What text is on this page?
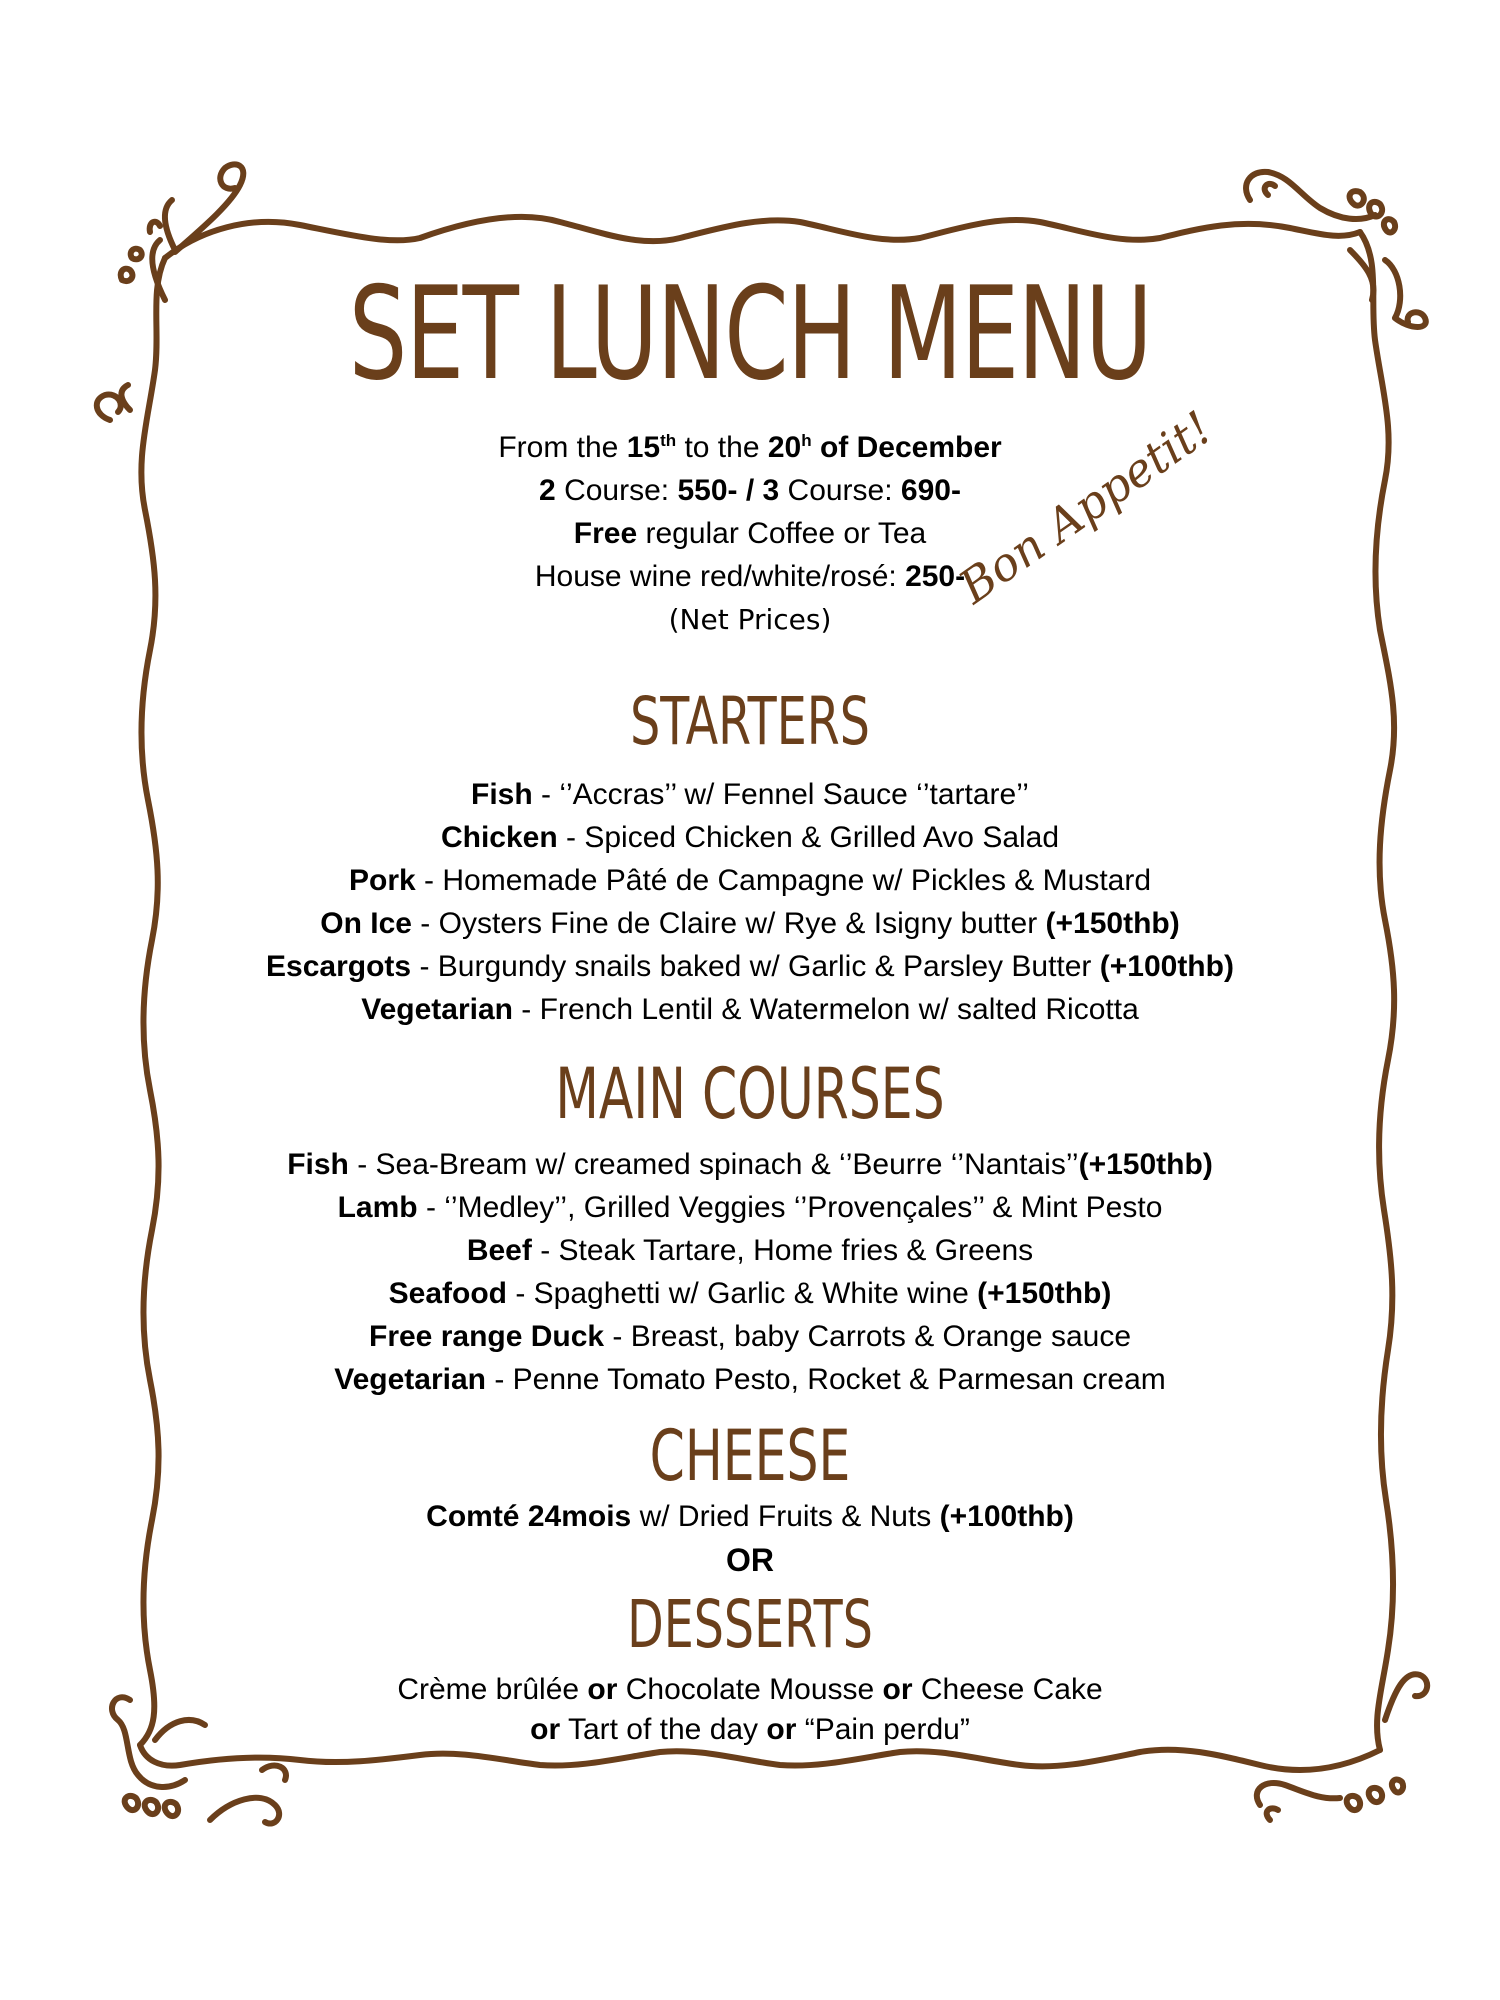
Bon Appetit!
SET LUNCH MENU

From the 15th to the 20$^h$ of December

2 Course: 550- / 3 Course: 690-

Free regular Coffee or Tea

House wine red/white/rosé: 250-

(Net Prices)

STARTERS

Fish - ‘’Accras’’ w/ Fennel Sauce ‘’tartare’’

Chicken - Spiced Chicken & Grilled Avo Salad

Pork - Homemade Pâté de Campagne w/ Pickles & Mustard

On Ice - Oysters Fine de Claire w/ Rye & Isigny butter (+150thb)

Escargots - Burgundy snails baked w/ Garlic & Parsley Butter (+100thb)

Vegetarian - French Lentil & Watermelon w/ salted Ricotta

MAIN COURSES

Fish - Sea-Bream w/ creamed spinach & ‘’Beurre ‘’Nantais’’(+150thb)

Lamb - ‘’Medley’’, Grilled Veggies ‘’Provençales’’ & Mint Pesto

Beef - Steak Tartare, Home fries & Greens

Seafood - Spaghetti w/ Garlic & White wine (+150thb)

Free range Duck - Breast, baby Carrots & Orange sauce

Vegetarian - Penne Tomato Pesto, Rocket & Parmesan cream

CHEESE

Comté 24mois w/ Dried Fruits & Nuts (+100thb)

OR

DESSERTS

Crème brûlée or Chocolate Mousse or Cheese Cake

or Tart of the day or “Pain perdu”
